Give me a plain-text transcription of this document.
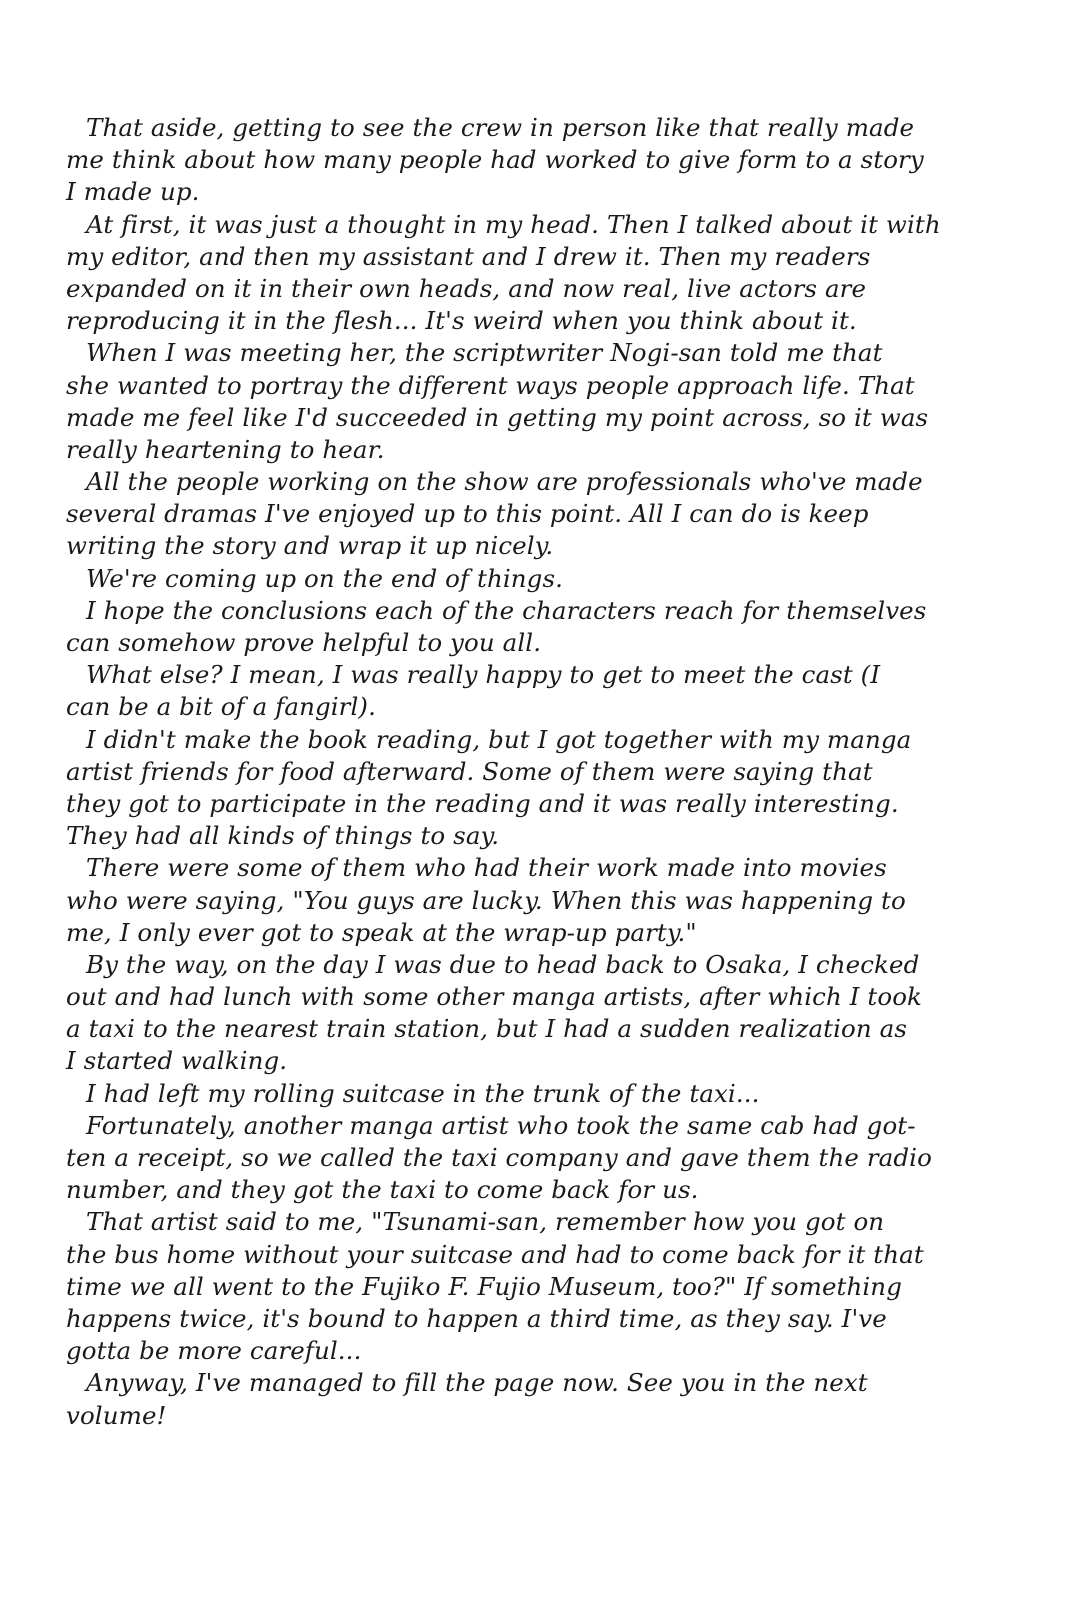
That aside, getting to see the crew in person like that really made
me think about how many people had worked to give form to a story
I made up.
At first, it was just a thought in my head. Then I talked about it with
my editor, and then my assistant and I drew it. Then my readers
expanded on it in their own heads, and now real, live actors are
reproducing it in the flesh... It's weird when you think about it.
When I was meeting her, the scriptwriter Nogi-san told me that
she wanted to portray the different ways people approach life. That
made me feel like I'd succeeded in getting my point across, so it was
really heartening to hear.
All the people working on the show are professionals who've made
several dramas I've enjoyed up to this point. All I can do is keep
writing the story and wrap it up nicely.
We're coming up on the end of things.
I hope the conclusions each of the characters reach for themselves
can somehow prove helpful to you all.
What else? I mean, I was really happy to get to meet the cast (I
can be a bit of a fangirl).
I didn't make the book reading, but I got together with my manga
artist friends for food afterward. Some of them were saying that
they got to participate in the reading and it was really interesting.
They had all kinds of things to say.
There were some of them who had their work made into movies
who were saying, "You guys are lucky. When this was happening to
me, I only ever got to speak at the wrap-up party."
By the way, on the day I was due to head back to Osaka, I checked
out and had lunch with some other manga artists, after which I took
a taxi to the nearest train station, but I had a sudden realization as
I started walking.
I had left my rolling suitcase in the trunk of the taxi...
Fortunately, another manga artist who took the same cab had got-
ten a receipt, so we called the taxi company and gave them the radio
number, and they got the taxi to come back for us.
That artist said to me, "Tsunami-san, remember how you got on
the bus home without your suitcase and had to come back for it that
time we all went to the Fujiko F. Fujio Museum, too?" If something
happens twice, it's bound to happen a third time, as they say. I've
gotta be more careful...
Anyway, I've managed to fill the page now. See you in the next
volume!
